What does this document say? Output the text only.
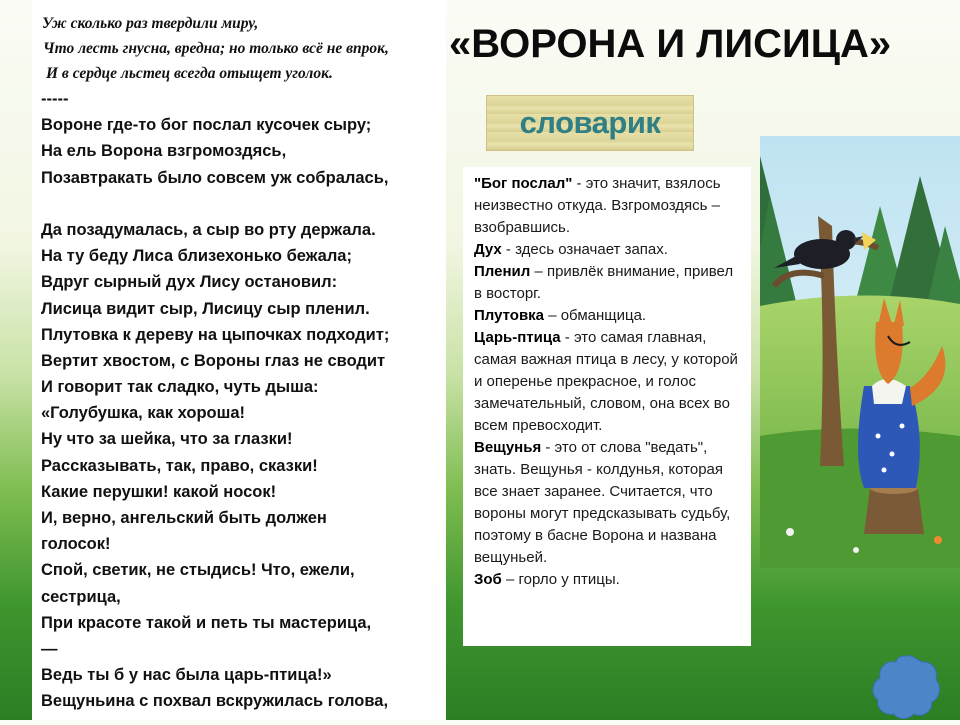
Уж сколько раз твердили миру,
Что лесть гнусна, вредна; но только всё не впрок,
И в сердце льстец всегда отыщет уголок.
-----
Вороне где-то бог послал кусочек сыру;
На ель Ворона взгромоздясь,
Позавтракать было совсем уж собралась,
Да позадумалась, а сыр во рту держала.
На ту беду Лиса близехонько бежала;
Вдруг сырный дух Лису остановил:
Лисица видит сыр, Лисицу сыр пленил.
Плутовка к дереву на цыпочках подходит;
Вертит хвостом, с Вороны глаз не сводит
И говорит так сладко, чуть дыша:
«Голубушка, как хороша!
Ну что за шейка, что за глазки!
Рассказывать, так, право, сказки!
Какие перушки! какой носок!
И, верно, ангельский быть должен
голосок!
Спой, светик, не стыдись! Что, ежели,
сестрица,
При красоте такой и петь ты мастерица,
—
Ведь ты б у нас была царь-птица!»
Вещуньина с похвал вскружилась голова,
«ВОРОНА И ЛИСИЦА»
словарик
"Бог послал" - это значит, взялось неизвестно откуда. Взгромоздясь – взобравшись.
Дух - здесь означает запах.
Пленил – привлёк внимание, привел в восторг.
Плутовка – обманщица.
Царь-птица - это самая главная, самая важная птица в лесу, у которой и оперенье прекрасное, и голос замечательный, словом, она всех во всем превосходит.
Вещунья - это от слова "ведать", знать. Вещунья - колдунья, которая все знает заранее. Считается, что вороны могут предсказывать судьбу, поэтому в басне Ворона и названа вещуньей.
Зоб – горло у птицы.
